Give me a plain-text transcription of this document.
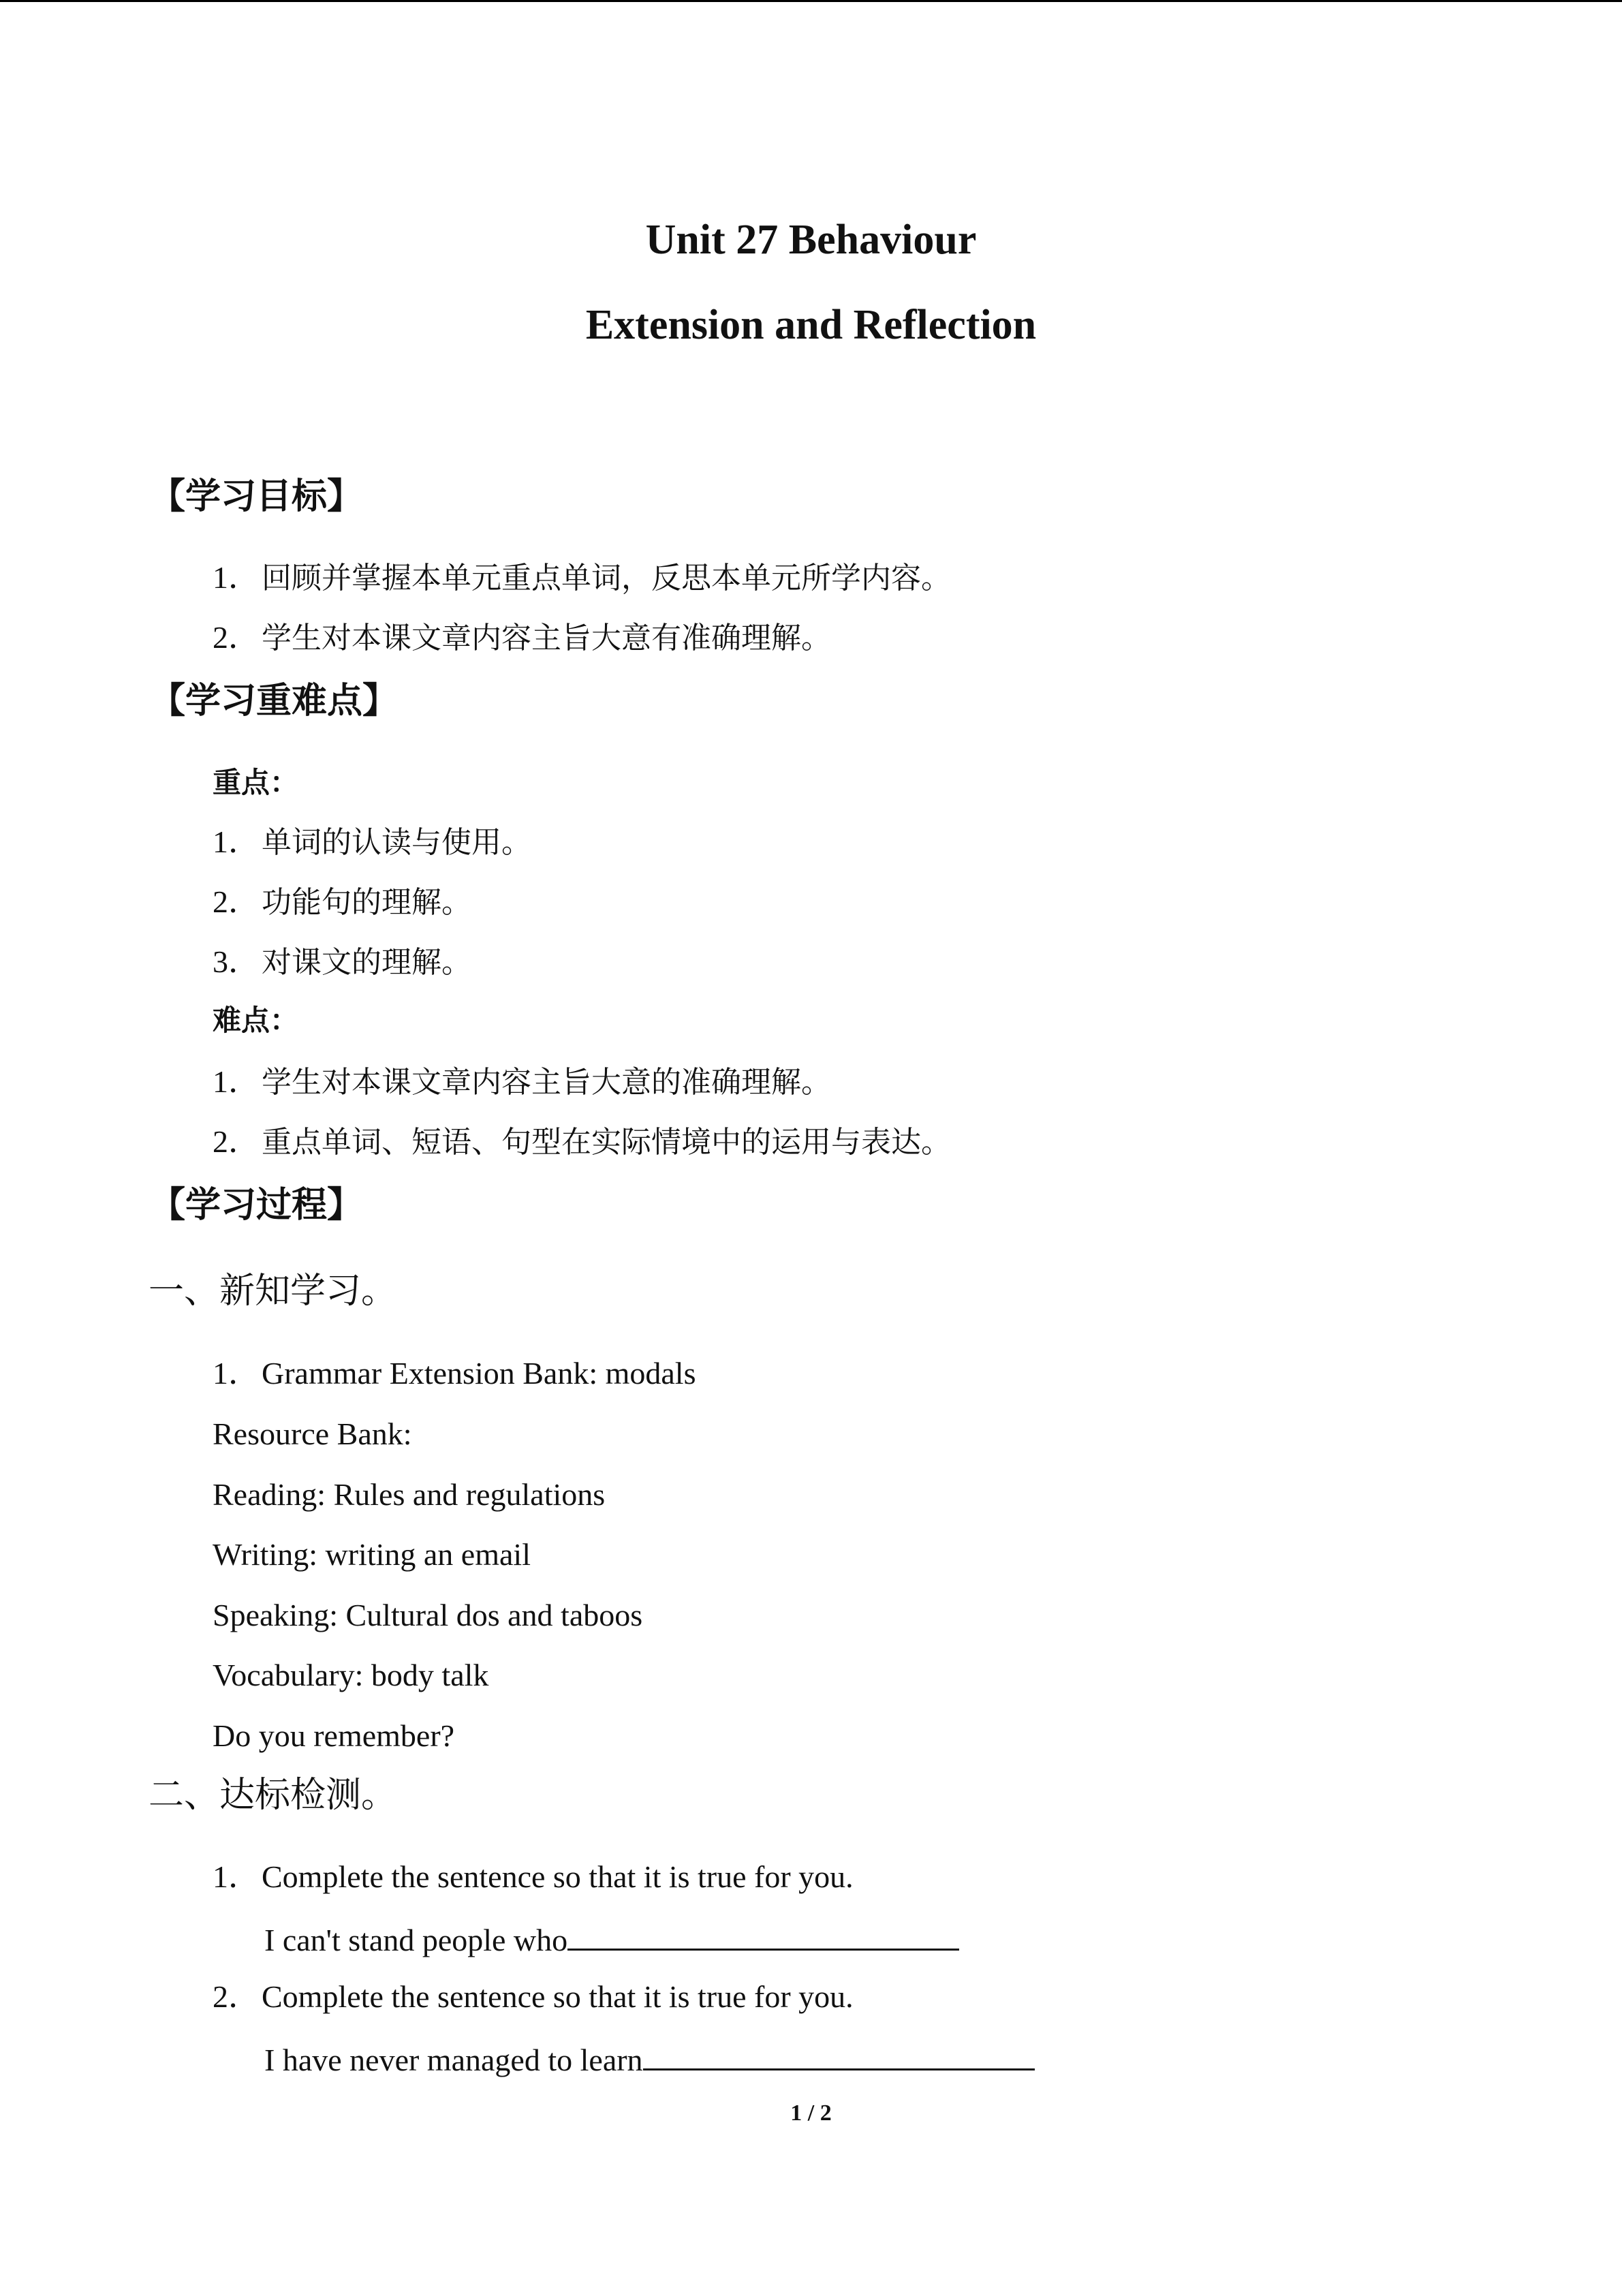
Unit 27 Behaviour
Extension and Reflection
【学习目标】
1．回顾并掌握本单元重点单词，反思本单元所学内容。
2．学生对本课文章内容主旨大意有准确理解。
【学习重难点】
重点：
1．单词的认读与使用。
2．功能句的理解。
3．对课文的理解。
难点：
1．学生对本课文章内容主旨大意的准确理解。
2．重点单词、短语、句型在实际情境中的运用与表达。
【学习过程】
一、新知学习。
1．Grammar Extension Bank: modals
Resource Bank:
Reading: Rules and regulations
Writing: writing an email
Speaking: Cultural dos and taboos
Vocabulary: body talk
Do you remember?
二、达标检测。
1．Complete the sentence so that it is true for you.
I can't stand people who
2．Complete the sentence so that it is true for you.
I have never managed to learn
1 / 2
